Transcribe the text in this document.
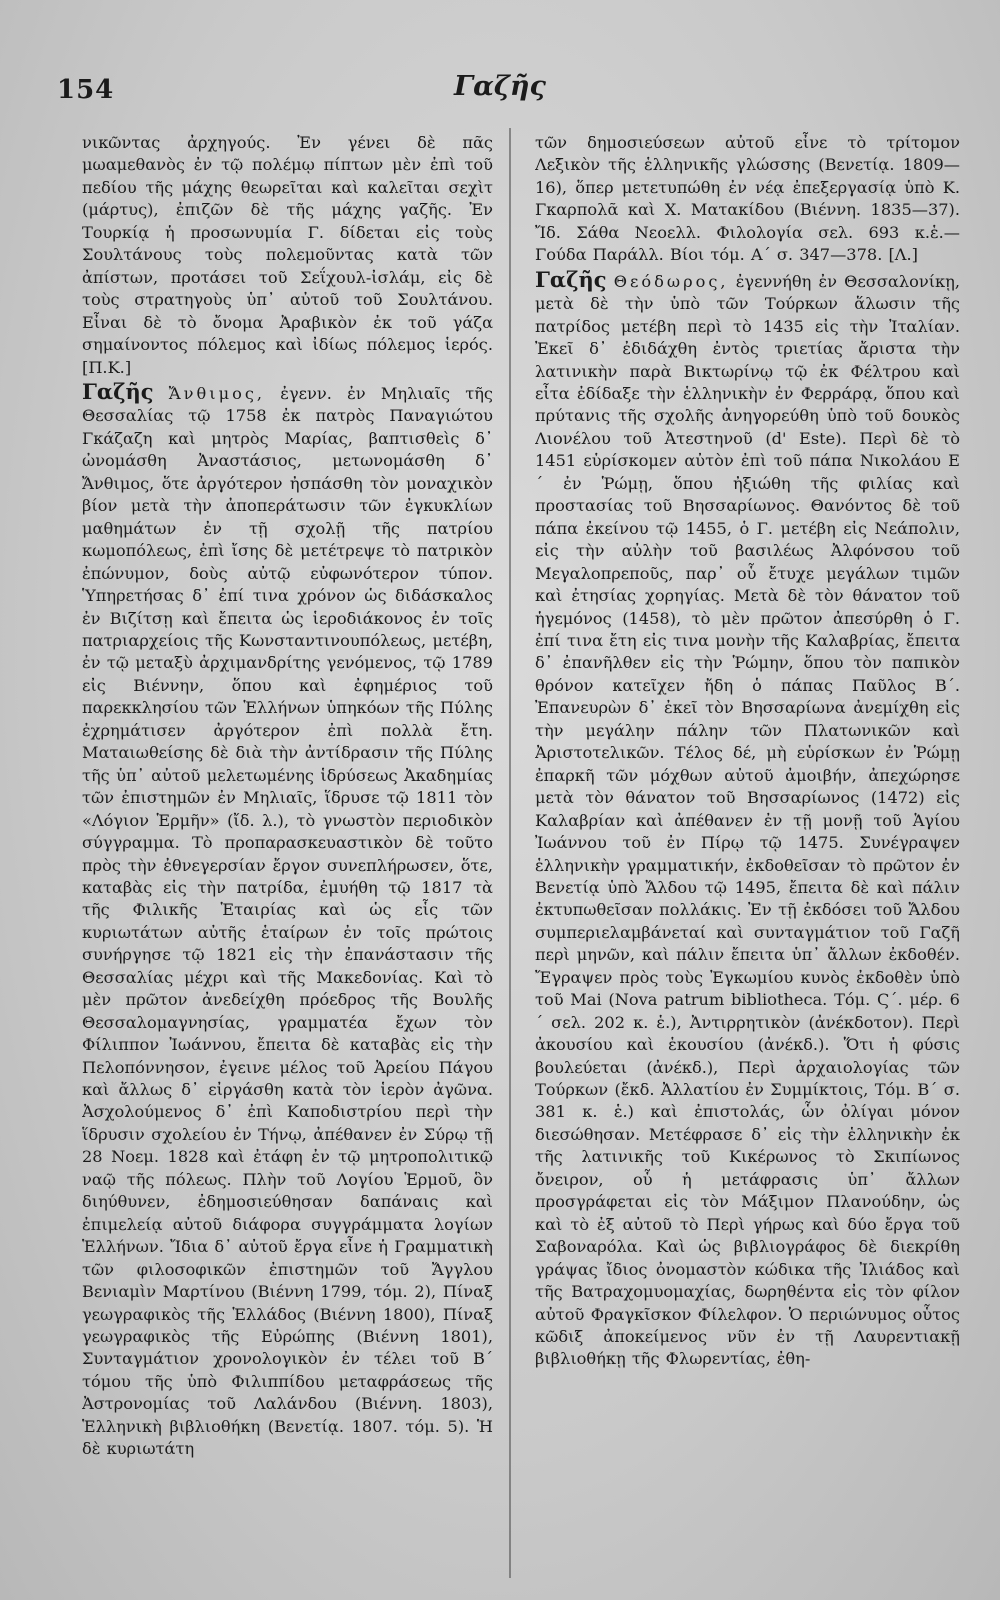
154	Γαζῆς

νικῶντας ἀρχηγούς. Ἐν γένει δὲ πᾶς μωαμεθανὸς ἐν τῷ πολέμῳ πίπτων μὲν ἐπὶ τοῦ πεδίου τῆς μάχης θεωρεῖται καὶ καλεῖται σεχὶτ (μάρτυς), ἐπιζῶν δὲ τῆς μάχης γαζῆς. Ἐν Τουρκίᾳ ἡ προσωνυμία Γ. δίδεται εἰς τοὺς Σουλτάνους τοὺς πολεμοῦντας κατὰ τῶν ἀπίστων, προτάσει τοῦ Σεΐχουλ-ἰσλάμ, εἰς δὲ τοὺς στρατηγοὺς ὑπ᾽ αὐτοῦ τοῦ Σουλτάνου. Εἶναι δὲ τὸ ὄνομα Ἀραβικὸν ἐκ τοῦ γάζα σημαίνοντος πόλεμος καὶ ἰδίως πόλεμος ἱερός. [Π.Κ.]

Γαζῆς Ἄνθιμος, ἐγενν. ἐν Μηλιαῖς τῆς Θεσσαλίας τῷ 1758 ἐκ πατρὸς Παναγιώτου Γκάζαζη καὶ μητρὸς Μαρίας, βαπτισθεὶς δ᾽ ὠνομάσθη Ἀναστάσιος, μετωνομάσθη δ᾽ Ἄνθιμος, ὅτε ἀργότερον ἠσπάσθη τὸν μοναχικὸν βίον μετὰ τὴν ἀποπεράτωσιν τῶν ἐγκυκλίων μαθημάτων ἐν τῇ σχολῇ τῆς πατρίου κωμοπόλεως, ἐπὶ ἴσης δὲ μετέτρεψε τὸ πατρικὸν ἐπώνυμον, δοὺς αὐτῷ εὐφωνότερον τύπον. Ὑπηρετήσας δ᾽ ἐπί τινα χρόνον ὡς διδάσκαλος ἐν Βιζίτσῃ καὶ ἔπειτα ὡς ἱεροδιάκονος ἐν τοῖς πατριαρχείοις τῆς Κωνσταντινουπόλεως, μετέβη, ἐν τῷ μεταξὺ ἀρχιμανδρίτης γενόμενος, τῷ 1789 εἰς Βιέννην, ὅπου καὶ ἐφημέριος τοῦ παρεκκλησίου τῶν Ἑλλήνων ὑπηκόων τῆς Πύλης ἐχρημάτισεν ἀργότερον ἐπὶ πολλὰ ἔτη. Ματαιωθείσης δὲ διὰ τὴν ἀντίδρασιν τῆς Πύλης τῆς ὑπ᾽ αὐτοῦ μελετωμένης ἱδρύσεως Ἀκαδημίας τῶν ἐπιστημῶν ἐν Μηλιαῖς, ἵδρυσε τῷ 1811 τὸν «Λόγιον Ἑρμῆν» (ἴδ. λ.), τὸ γνωστὸν περιοδικὸν σύγγραμμα. Τὸ προπαρασκευαστικὸν δὲ τοῦτο πρὸς τὴν ἐθνεγερσίαν ἔργον συνεπλήρωσεν, ὅτε, καταβὰς εἰς τὴν πατρίδα, ἐμυήθη τῷ 1817 τὰ τῆς Φιλικῆς Ἑταιρίας καὶ ὡς εἷς τῶν κυριωτάτων αὐτῆς ἑταίρων ἐν τοῖς πρώτοις συνήργησε τῷ 1821 εἰς τὴν ἐπανάστασιν τῆς Θεσσαλίας μέχρι καὶ τῆς Μακεδονίας. Καὶ τὸ μὲν πρῶτον ἀνεδείχθη πρόεδρος τῆς Βουλῆς Θεσσαλομαγνησίας, γραμματέα ἔχων τὸν Φίλιππον Ἰωάννου, ἔπειτα δὲ καταβὰς εἰς τὴν Πελοπόννησον, ἐγεινε μέλος τοῦ Ἀρείου Πάγου καὶ ἄλλως δ᾽ εἰργάσθη κατὰ τὸν ἱερὸν ἀγῶνα. Ἀσχολούμενος δ᾽ ἐπὶ Καποδιστρίου περὶ τὴν ἵδρυσιν σχολείου ἐν Τήνῳ, ἀπέθανεν ἐν Σύρῳ τῇ 28 Νοεμ. 1828 καὶ ἐτάφη ἐν τῷ μητροπολιτικῷ ναῷ τῆς πόλεως. Πλὴν τοῦ Λογίου Ἑρμοῦ, ὃν διηύθυνεν, ἐδημοσιεύθησαν δαπάναις καὶ ἐπιμελείᾳ αὐτοῦ διάφορα συγγράμματα λογίων Ἑλλήνων. Ἴδια δ᾽ αὐτοῦ ἔργα εἶνε ἡ Γραμματικὴ τῶν φιλοσοφικῶν ἐπιστημῶν τοῦ Ἄγγλου Βενιαμὶν Μαρτίνου (Βιέννη 1799, τόμ. 2), Πίναξ γεωγραφικὸς τῆς Ἑλλάδος (Βιέννη 1800), Πίναξ γεωγραφικὸς τῆς Εὐρώπης (Βιέννη 1801), Συνταγμάτιον χρονολογικὸν ἐν τέλει τοῦ Β´ τόμου τῆς ὑπὸ Φιλιππίδου μεταφράσεως τῆς Ἀστρονομίας τοῦ Λαλάνδου (Βιέννη. 1803), Ἑλληνικὴ βιβλιοθήκη (Βενετίᾳ. 1807. τόμ. 5). Ἡ δὲ κυριωτάτη

τῶν δημοσιεύσεων αὐτοῦ εἶνε τὸ τρίτομον Λεξικὸν τῆς ἑλληνικῆς γλώσσης (Βενετίᾳ. 1809—16), ὅπερ μετετυπώθη ἐν νέᾳ ἐπεξεργασίᾳ ὑπὸ Κ. Γκαρπολᾶ καὶ Χ. Ματακίδου (Βιέννη. 1835—37). Ἴδ. Σάθα Νεοελλ. Φιλολογία σελ. 693 κ.ἑ.— Γούδα Παράλλ. Βίοι τόμ. Α´ σ. 347—378. [Λ.]

Γαζῆς Θεόδωρος, ἐγεννήθη ἐν Θεσσαλονίκῃ, μετὰ δὲ τὴν ὑπὸ τῶν Τούρκων ἅλωσιν τῆς πατρίδος μετέβη περὶ τὸ 1435 εἰς τὴν Ἰταλίαν. Ἐκεῖ δ᾽ ἐδιδάχθη ἐντὸς τριετίας ἄριστα τὴν λατινικὴν παρὰ Βικτωρίνῳ τῷ ἐκ Φέλτρου καὶ εἶτα ἐδίδαξε τὴν ἑλληνικὴν ἐν Φερράρᾳ, ὅπου καὶ πρύτανις τῆς σχολῆς ἀνηγορεύθη ὑπὸ τοῦ δουκὸς Λιονέλου τοῦ Ἀτεστηνοῦ (d' Este). Περὶ δὲ τὸ 1451 εὑρίσκομεν αὐτὸν ἐπὶ τοῦ πάπα Νικολάου Ε´ ἐν Ῥώμῃ, ὅπου ἠξιώθη τῆς φιλίας καὶ προστασίας τοῦ Βησσαρίωνος. Θανόντος δὲ τοῦ πάπα ἐκείνου τῷ 1455, ὁ Γ. μετέβη εἰς Νεάπολιν, εἰς τὴν αὐλὴν τοῦ βασιλέως Ἀλφόνσου τοῦ Μεγαλοπρεποῦς, παρ᾽ οὗ ἔτυχε μεγάλων τιμῶν καὶ ἐτησίας χορηγίας. Μετὰ δὲ τὸν θάνατον τοῦ ἡγεμόνος (1458), τὸ μὲν πρῶτον ἀπεσύρθη ὁ Γ. ἐπί τινα ἔτη εἰς τινα μονὴν τῆς Καλαβρίας, ἔπειτα δ᾽ ἐπανῆλθεν εἰς τὴν Ῥώμην, ὅπου τὸν παπικὸν θρόνον κατεῖχεν ἤδη ὁ πάπας Παῦλος Β´. Ἐπανευρὼν δ᾽ ἐκεῖ τὸν Βησσαρίωνα ἀνεμίχθη εἰς τὴν μεγάλην πάλην τῶν Πλατωνικῶν καὶ Ἀριστοτελικῶν. Τέλος δέ, μὴ εὑρίσκων ἐν Ῥώμῃ ἐπαρκῆ τῶν μόχθων αὐτοῦ ἀμοιβήν, ἀπεχώρησε μετὰ τὸν θάνατον τοῦ Βησσαρίωνος (1472) εἰς Καλαβρίαν καὶ ἀπέθανεν ἐν τῇ μονῇ τοῦ Ἁγίου Ἰωάννου τοῦ ἐν Πίρῳ τῷ 1475. Συνέγραψεν ἑλληνικὴν γραμματικήν, ἐκδοθεῖσαν τὸ πρῶτον ἐν Βενετίᾳ ὑπὸ Ἄλδου τῷ 1495, ἔπειτα δὲ καὶ πάλιν ἐκτυπωθεῖσαν πολλάκις. Ἐν τῇ ἐκδόσει τοῦ Ἄλδου συμπεριελαμβάνεταί καὶ συνταγμάτιον τοῦ Γαζῆ περὶ μηνῶν, καὶ πάλιν ἔπειτα ὑπ᾽ ἄλλων ἐκδοθέν. Ἔγραψεν πρὸς τοὺς Ἐγκωμίου κυνὸς ἐκδοθὲν ὑπὸ τοῦ Mai (Nova patrum bibliotheca. Τόμ. Ϛ´. μέρ. 6´ σελ. 202 κ. ἑ.), Ἀντιρρητικὸν (ἀνέκδοτον). Περὶ ἀκουσίου καὶ ἑκουσίου (ἀνέκδ.). Ὅτι ἡ φύσις βουλεύεται (ἀνέκδ.), Περὶ ἀρχαιολογίας τῶν Τούρκων (ἔκδ. Ἀλλατίου ἐν Συμμίκτοις, Τόμ. Β´ σ. 381 κ. ἑ.) καὶ ἐπιστολάς, ὧν ὀλίγαι μόνον διεσώθησαν. Μετέφρασε δ᾽ εἰς τὴν ἑλληνικὴν ἐκ τῆς λατινικῆς τοῦ Κικέρωνος τὸ Σκιπίωνος ὄνειρον, οὗ ἡ μετάφρασις ὑπ᾽ ἄλλων προσγράφεται εἰς τὸν Μάξιμον Πλανούδην, ὡς καὶ τὸ ἐξ αὐτοῦ τὸ Περὶ γήρως καὶ δύο ἔργα τοῦ Σαβοναρόλα. Καὶ ὡς βιβλιογράφος δὲ διεκρίθη γράψας ἴδιος ὀνομαστὸν κώδικα τῆς Ἰλιάδος καὶ τῆς Βατραχομυομαχίας, δωρηθέντα εἰς τὸν φίλον αὐτοῦ Φραγκῖσκον Φίλελφον. Ὁ περιώνυμος οὗτος κῶδιξ ἀποκείμενος νῦν ἐν τῇ Λαυρεντιακῇ βιβλιοθήκῃ τῆς Φλωρεντίας, ἐθη-
